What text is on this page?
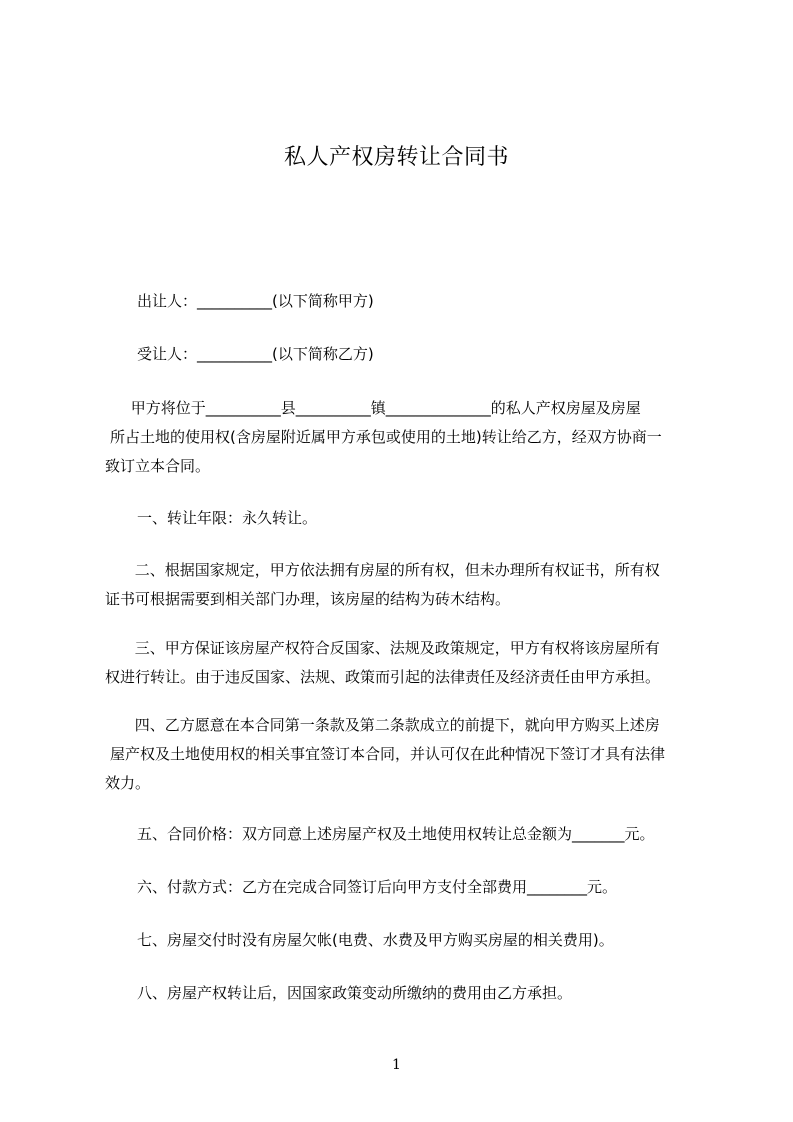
私人产权房转让合同书
出让人：__________(以下简称甲方)
受让人：__________(以下简称乙方)
甲方将位于__________县__________镇______________的私人产权房屋及房屋
所占土地的使用权(含房屋附近属甲方承包或使用的土地)转让给乙方，经双方协商一
致订立本合同。
一、转让年限：永久转让。
二、根据国家规定，甲方依法拥有房屋的所有权，但未办理所有权证书，所有权
证书可根据需要到相关部门办理，该房屋的结构为砖木结构。
三、甲方保证该房屋产权符合反国家、法规及政策规定，甲方有权将该房屋所有
权进行转让。由于违反国家、法规、政策而引起的法律责任及经济责任由甲方承担。
四、乙方愿意在本合同第一条款及第二条款成立的前提下，就向甲方购买上述房
屋产权及土地使用权的相关事宜签订本合同，并认可仅在此种情况下签订才具有法律
效力。
五、合同价格：双方同意上述房屋产权及土地使用权转让总金额为_______元。
六、付款方式：乙方在完成合同签订后向甲方支付全部费用________元。
七、房屋交付时没有房屋欠帐(电费、水费及甲方购买房屋的相关费用)。
八、房屋产权转让后，因国家政策变动所缴纳的费用由乙方承担。
1
